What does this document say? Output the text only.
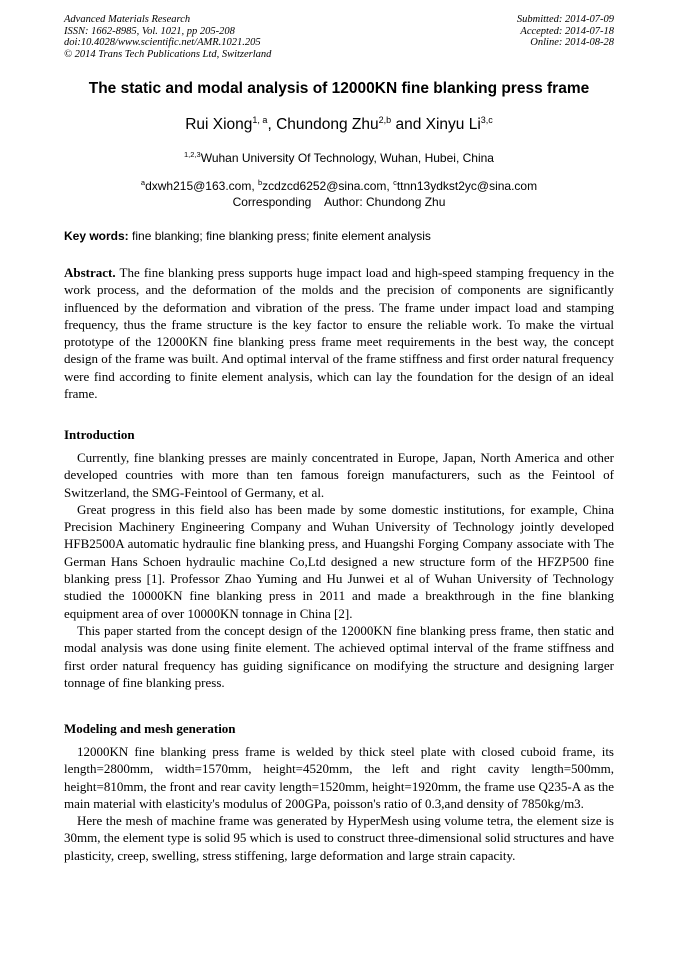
Advanced Materials Research
ISSN: 1662-8985, Vol. 1021, pp 205-208
doi:10.4028/www.scientific.net/AMR.1021.205
© 2014 Trans Tech Publications Ltd, Switzerland
Submitted: 2014-07-09
Accepted: 2014-07-18
Online: 2014-08-28
The static and modal analysis of 12000KN fine blanking press frame
Rui Xiong$^{1, a}$, Chundong Zhu$^{2,b}$ and Xinyu Li$^{3,c}$
$^{1,2,3}$Wuhan University Of Technology, Wuhan, Hubei, China
$^a$dxwh215@163.com, $^b$zcdzcd6252@sina.com, $^c$ttnn13ydkst2yc@sina.com
Corresponding    Author: Chundong Zhu
Key words: fine blanking; fine blanking press; finite element analysis
Abstract. The fine blanking press supports huge impact load and high-speed stamping frequency in the work process, and the deformation of the molds and the precision of components are significantly influenced by the deformation and vibration of the press. The frame under impact load and stamping frequency, thus the frame structure is the key factor to ensure the reliable work. To make the virtual prototype of the 12000KN fine blanking press frame meet requirements in the best way, the concept design of the frame was built. And optimal interval of the frame stiffness and first order natural frequency were find according to finite element analysis, which can lay the foundation for the design of an ideal frame.
Introduction

Currently, fine blanking presses are mainly concentrated in Europe, Japan, North America and other developed countries with more than ten famous foreign manufacturers, such as the Feintool of Switzerland, the SMG-Feintool of Germany, et al.

Great progress in this field also has been made by some domestic institutions, for example, China Precision Machinery Engineering Company and Wuhan University of Technology jointly developed HFB2500A automatic hydraulic fine blanking press, and Huangshi Forging Company associate with The German Hans Schoen hydraulic machine Co,Ltd designed a new structure form of the HFZP500 fine blanking press [1]. Professor Zhao Yuming and Hu Junwei et al of Wuhan University of Technology studied the 10000KN fine blanking press in 2011 and made a breakthrough in the fine blanking equipment area of over 10000KN tonnage in China [2].

This paper started from the concept design of the 12000KN fine blanking press frame, then static and modal analysis was done using finite element. The achieved optimal interval of the frame stiffness and first order natural frequency has guiding significance on modifying the structure and designing larger tonnage of fine blanking press.

Modeling and mesh generation

12000KN fine blanking press frame is welded by thick steel plate with closed cuboid frame, its length=2800mm, width=1570mm, height=4520mm, the left and right cavity length=500mm, height=810mm, the front and rear cavity length=1520mm, height=1920mm, the frame use Q235-A as the main material with elasticity's modulus of 200GPa, poisson's ratio of 0.3,and density of 7850kg/m3.

Here the mesh of machine frame was generated by HyperMesh using volume tetra, the element size is 30mm, the element type is solid 95 which is used to construct three-dimensional solid structures and have plasticity, creep, swelling, stress stiffening, large deformation and large strain capacity.
